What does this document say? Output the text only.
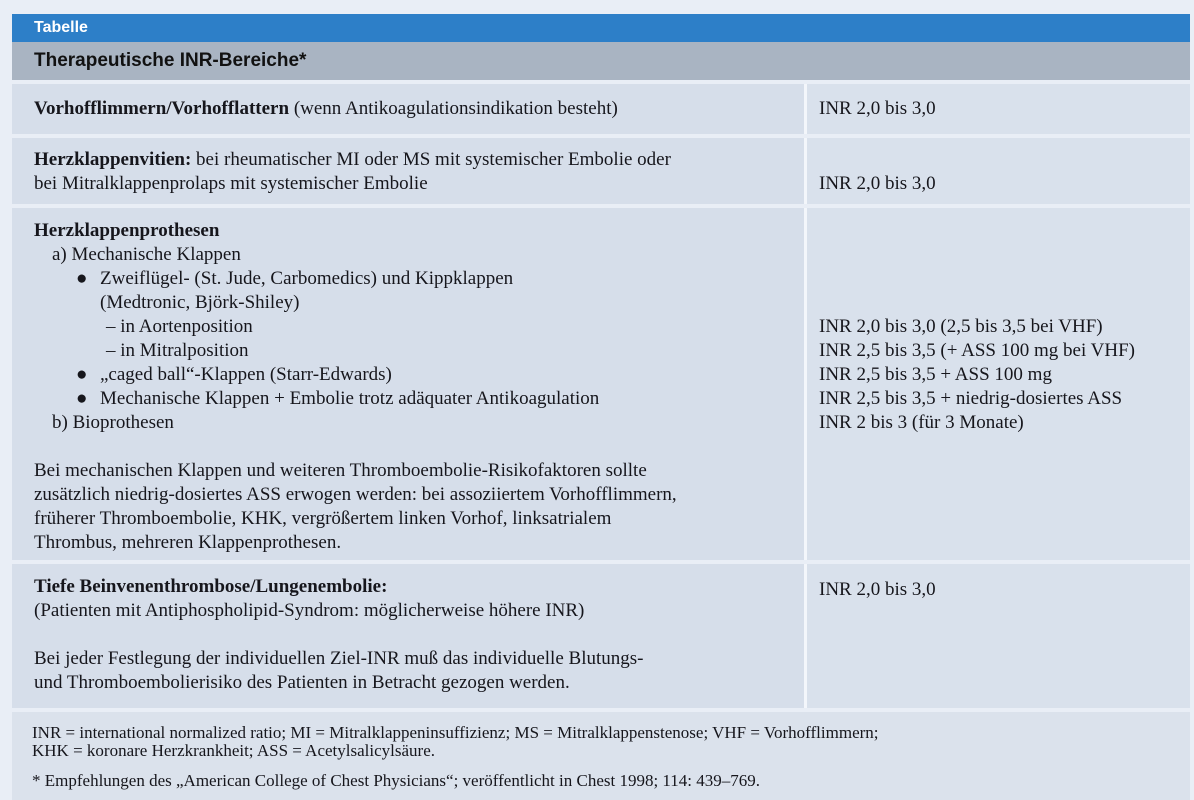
Tabelle
Therapeutische INR-Bereiche*

Vorhofflimmern/Vorhofflattern (wenn Antikoagulationsindikation besteht)	INR 2,0 bis 3,0

Herzklappenvitien: bei rheumatischer MI oder MS mit systemischer Embolie oder

bei Mitralklappenprolaps mit systemischer Embolie	INR 2,0 bis 3,0

Herzklappenprothesen

a) Mechanische Klappen

● Zweiflügel- (St. Jude, Carbomedics) und Kippklappen

(Medtronic, Björk-Shiley)

– in Aortenposition

– in Mitralposition

● „caged ball“-Klappen (Starr-Edwards)

● Mechanische Klappen + Embolie trotz adäquater Antikoagulation

b) Bioprothesen

Bei mechanischen Klappen und weiteren Thromboembolie-Risikofaktoren sollte

zusätzlich niedrig-dosiertes ASS erwogen werden: bei assoziiertem Vorhofflimmern,

früherer Thromboembolie, KHK, vergrößertem linken Vorhof, linksatrialem

Thrombus, mehreren Klappenprothesen.

INR 2,0 bis 3,0 (2,5 bis 3,5 bei VHF)

INR 2,5 bis 3,5 (+ ASS 100 mg bei VHF)

INR 2,5 bis 3,5 + ASS 100 mg

INR 2,5 bis 3,5 + niedrig-dosiertes ASS

INR 2 bis 3 (für 3 Monate)

Tiefe Beinvenenthrombose/Lungenembolie:

(Patienten mit Antiphospholipid-Syndrom: möglicherweise höhere INR)

Bei jeder Festlegung der individuellen Ziel-INR muß das individuelle Blutungs-

und Thromboembolierisiko des Patienten in Betracht gezogen werden.

INR 2,0 bis 3,0

INR = international normalized ratio; MI = Mitralklappeninsuffizienz; MS = Mitralklappenstenose; VHF = Vorhofflimmern;

KHK = koronare Herzkrankheit; ASS = Acetylsalicylsäure.

* Empfehlungen des „American College of Chest Physicians“; veröffentlicht in Chest 1998; 114: 439–769.
